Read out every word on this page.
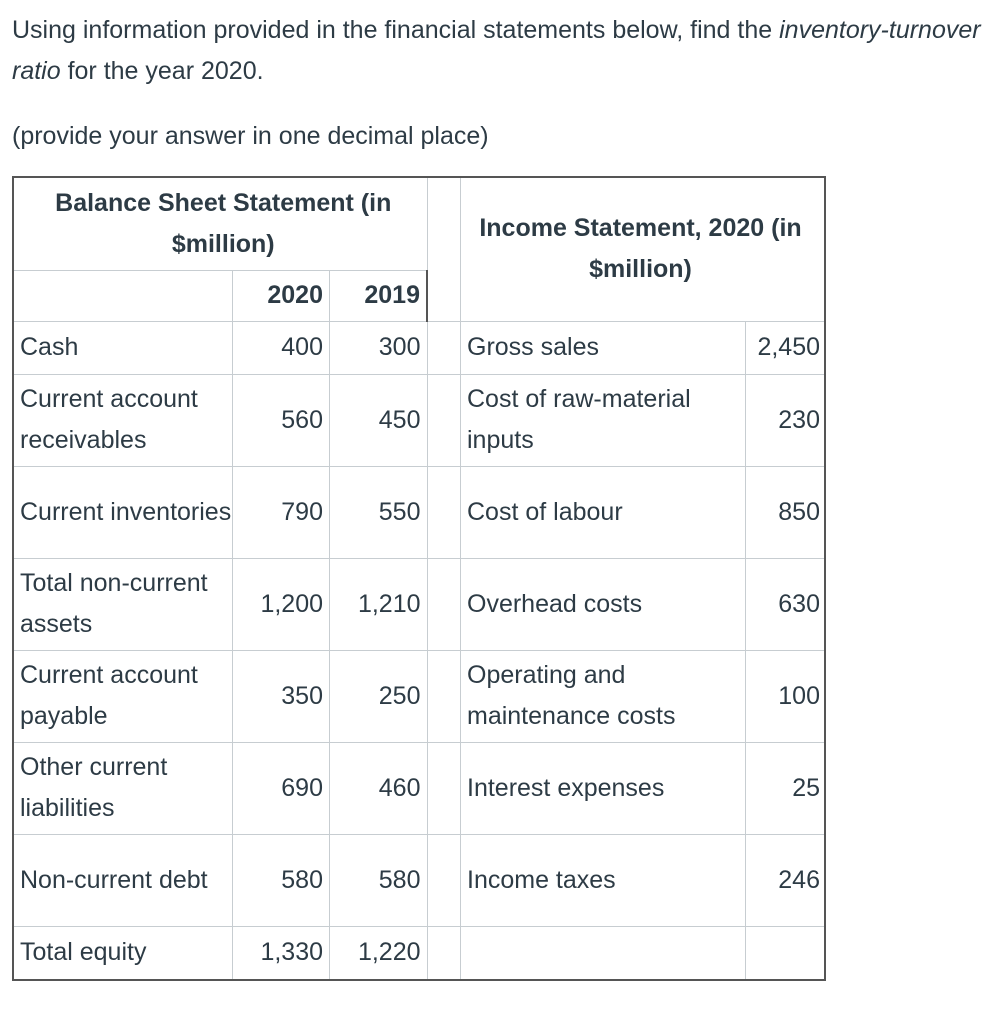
Using information provided in the financial statements below, find the inventory-turnover ratio for the year 2020.
(provide your answer in one decimal place)
Balance Sheet Statement (in $million)				Income Statement, 2020 (in $million)	
	2020	2019			
Cash	400	300		Gross sales	2,450
Current account receivables	560	450		Cost of raw-material inputs	230
Current inventories	790	550		Cost of labour	850
Total non-current assets	1,200	1,210		Overhead costs	630
Current account payable	350	250		Operating and maintenance costs	100
Other current liabilities	690	460		Interest expenses	25
Non-current debt	580	580		Income taxes	246
Total equity	1,330	1,220			
